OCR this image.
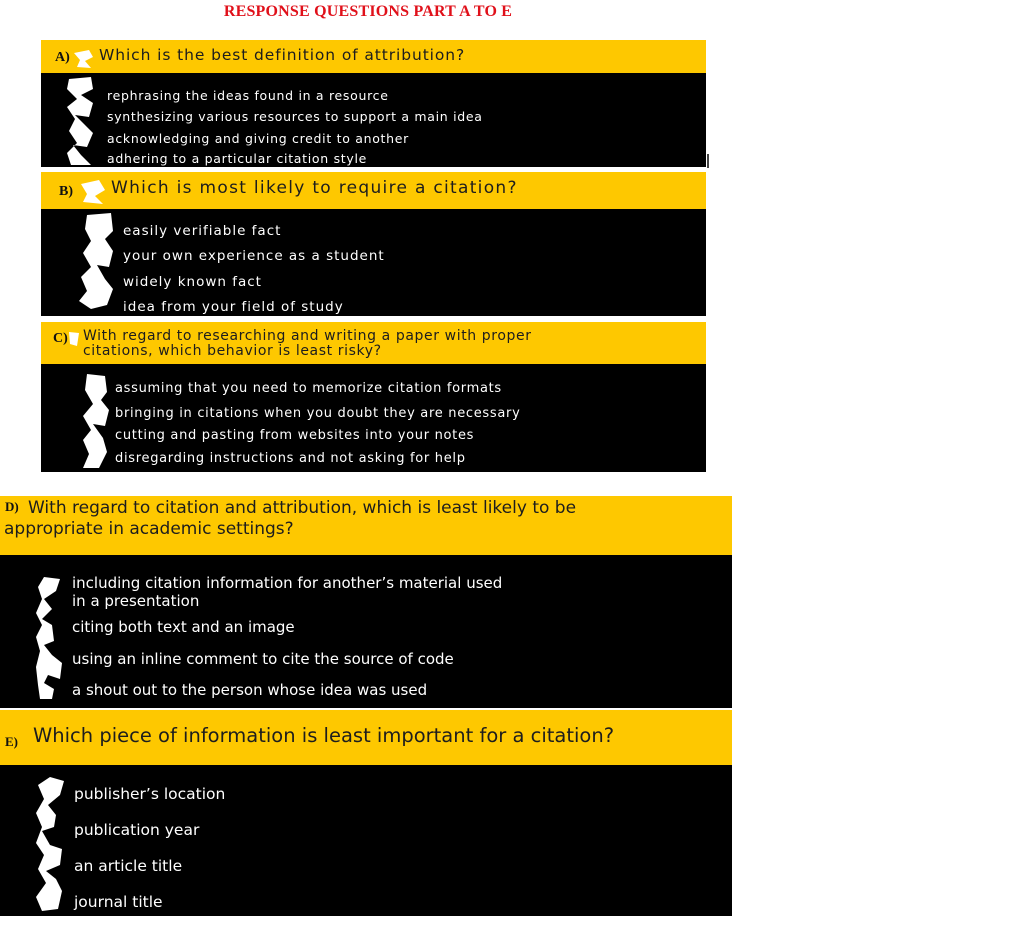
RESPONSE QUESTIONS PART A TO E
A) Which is the best definition of attribution?
rephrasing the ideas found in a resource
synthesizing various resources to support a main idea
acknowledging and giving credit to another
adhering to a particular citation style
B) Which is most likely to require a citation?
easily verifiable fact
your own experience as a student
widely known fact
idea from your field of study
C) With regard to researching and writing a paper with proper
citations, which behavior is least risky?
assuming that you need to memorize citation formats
bringing in citations when you doubt they are necessary
cutting and pasting from websites into your notes
disregarding instructions and not asking for help
D) With regard to citation and attribution, which is least likely to be
appropriate in academic settings?
including citation information for another’s material used
in a presentation
citing both text and an image
using an inline comment to cite the source of code
a shout out to the person whose idea was used
E) Which piece of information is least important for a citation?
publisher’s location
publication year
an article title
journal title
